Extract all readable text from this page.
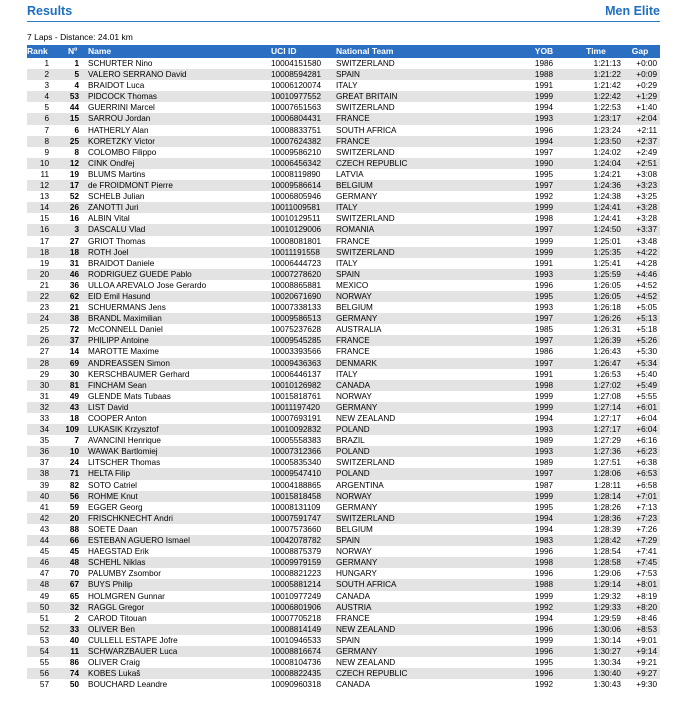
Results	Men Elite
7 Laps - Distance: 24.01 km
Rank Nº	Name	UCI ID	National Team	YOB	Time	Gap
1	1 SCHURTER Nino	10004151580 SWITZERLAND	1986	1:21:13	+0:00
2	5 VALERO SERRANO David	10008594281 SPAIN	1988	1:21:22	+0:09
3	4 BRAIDOT Luca	10006120074 ITALY	1991	1:21:42	+0:29
4	53 PIDCOCK Thomas	10010977552 GREAT BRITAIN	1999	1:22:42	+1:29
5	44 GUERRINI Marcel	10007651563 SWITZERLAND	1994	1:22:53	+1:40
6	15 SARROU Jordan	10006804431 FRANCE	1993	1:23:17	+2:04
7	6 HATHERLY Alan	10008833751 SOUTH AFRICA	1996	1:23:24	+2:11
8	25 KORETZKY Victor	10007624382 FRANCE	1994	1:23:50	+2:37
9	8 COLOMBO Filippo	10009586210 SWITZERLAND	1997	1:24:02	+2:49
10	12 CINK Ondřej	10006456342 CZECH REPUBLIC	1990	1:24:04	+2:51
11	19 BLUMS Martins	10008119890 LATVIA	1995	1:24:21	+3:08
12	17 de FROIDMONT Pierre	10009586614 BELGIUM	1997	1:24:36	+3:23
13	52 SCHELB Julian	10006805946 GERMANY	1992	1:24:38	+3:25
14	26 ZANOTTI Juri	10011009581 ITALY	1999	1:24:41	+3:28
15	16 ALBIN Vital	10010129511 SWITZERLAND	1998	1:24:41	+3:28
16	3 DASCALU Vlad	10010129006 ROMANIA	1997	1:24:50	+3:37
17	27 GRIOT Thomas	10008081801 FRANCE	1999	1:25:01	+3:48
18	18 ROTH Joel	10011191558 SWITZERLAND	1999	1:25:35	+4:22
19	31 BRAIDOT Daniele	10006444723 ITALY	1991	1:25:41	+4:28
20	46 RODRIGUEZ GUEDE Pablo	10007278620 SPAIN	1993	1:25:59	+4:46
21	36 ULLOA AREVALO Jose Gerardo	10008865881 MEXICO	1996	1:26:05	+4:52
22	62 EID Emil Hasund	10020671690 NORWAY	1995	1:26:05	+4:52
23	21 SCHUERMANS Jens	10007338133 BELGIUM	1993	1:26:18	+5:05
24	38 BRANDL Maximilian	10009586513 GERMANY	1997	1:26:26	+5:13
25	72 McCONNELL Daniel	10075237628 AUSTRALIA	1985	1:26:31	+5:18
26	37 PHILIPP Antoine	10009545285 FRANCE	1997	1:26:39	+5:26
27	14 MAROTTE Maxime	10003393566 FRANCE	1986	1:26:43	+5:30
28	69 ANDREASSEN Simon	10009436363 DENMARK	1997	1:26:47	+5:34
29	30 KERSCHBAUMER Gerhard	10006446137 ITALY	1991	1:26:53	+5:40
30	81 FINCHAM Sean	10010126982 CANADA	1998	1:27:02	+5:49
31	49 GLENDE Mats Tubaas	10015818761 NORWAY	1999	1:27:08	+5:55
32	43 LIST David	10011197420 GERMANY	1999	1:27:14	+6:01
33	18 COOPER Anton	10007693191 NEW ZEALAND	1994	1:27:17	+6:04
34	109 LUKASIK Krzysztof	10010092832 POLAND	1993	1:27:17	+6:04
35	7 AVANCINI Henrique	10005558383 BRAZIL	1989	1:27:29	+6:16
36	10 WAWAK Bartlomiej	10007312366 POLAND	1993	1:27:36	+6:23
37	24 LITSCHER Thomas	10005835340 SWITZERLAND	1989	1:27:51	+6:38
38	71 HELTA Filip	10009547410 POLAND	1997	1:28:06	+6:53
39	82 SOTO Catriel	10004188865 ARGENTINA	1987	1:28:11	+6:58
40	56 ROHME Knut	10015818458 NORWAY	1999	1:28:14	+7:01
41	59 EGGER Georg	10008131109 GERMANY	1995	1:28:26	+7:13
42	20 FRISCHKNECHT Andri	10007591747 SWITZERLAND	1994	1:28:36	+7:23
43	88 SOETE Daan	10007573660 BELGIUM	1994	1:28:39	+7:26
44	66 ESTEBAN AGUERO Ismael	10042078782 SPAIN	1983	1:28:42	+7:29
45	45 HAEGSTAD Erik	10008875379 NORWAY	1996	1:28:54	+7:41
46	48 SCHEHL Niklas	10009979159 GERMANY	1998	1:28:58	+7:45
47	70 PALUMBY Zsombor	10008821223 HUNGARY	1996	1:29:06	+7:53
48	67 BUYS Philip	10005881214 SOUTH AFRICA	1988	1:29:14	+8:01
49	65 HOLMGREN Gunnar	10010977249 CANADA	1999	1:29:32	+8:19
50	32 RAGGL Gregor	10006801906 AUSTRIA	1992	1:29:33	+8:20
51	2 CAROD Titouan	10007705218 FRANCE	1994	1:29:59	+8:46
52	33 OLIVER Ben	10008814149 NEW ZEALAND	1996	1:30:06	+8:53
53	40 CULLELL ESTAPE Jofre	10010946533 SPAIN	1999	1:30:14	+9:01
54	11 SCHWARZBAUER Luca	10008816674 GERMANY	1996	1:30:27	+9:14
55	86 OLIVER Craig	10008104736 NEW ZEALAND	1995	1:30:34	+9:21
56	74 KOBES Lukaš	10008822435 CZECH REPUBLIC	1996	1:30:40	+9:27
57	50 BOUCHARD Leandre	10090960318 CANADA	1992	1:30:43	+9:30
